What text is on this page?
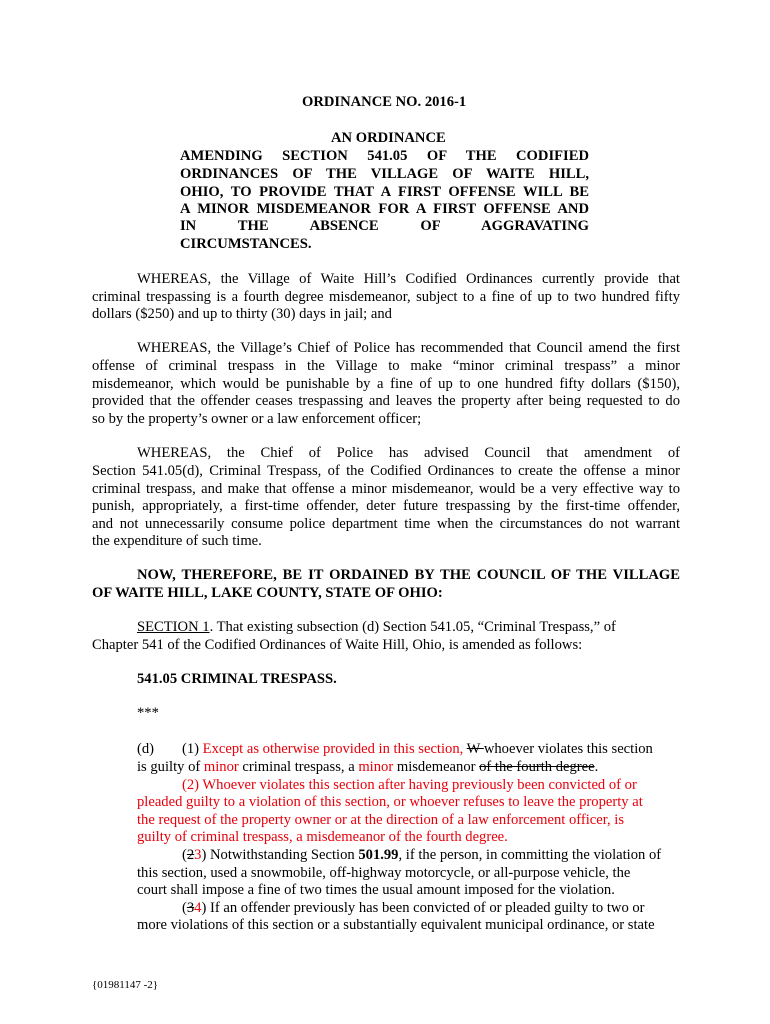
ORDINANCE NO. 2016-1

AN ORDINANCE

AMENDING SECTION 541.05 OF THE CODIFIED

ORDINANCES OF THE VILLAGE OF WAITE HILL,

OHIO, TO PROVIDE THAT A FIRST OFFENSE WILL BE

A MINOR MISDEMEANOR FOR A FIRST OFFENSE AND

IN THE ABSENCE OF AGGRAVATING

CIRCUMSTANCES.

WHEREAS, the Village of Waite Hill’s Codified Ordinances currently provide that

criminal trespassing is a fourth degree misdemeanor, subject to a fine of up to two hundred fifty

dollars ($250) and up to thirty (30) days in jail; and

WHEREAS, the Village’s Chief of Police has recommended that Council amend the first

offense of criminal trespass in the Village to make “minor criminal trespass” a minor

misdemeanor, which would be punishable by a fine of up to one hundred fifty dollars ($150),

provided that the offender ceases trespassing and leaves the property after being requested to do

so by the property’s owner or a law enforcement officer;

WHEREAS, the Chief of Police has advised Council that amendment of

Section 541.05(d), Criminal Trespass, of the Codified Ordinances to create the offense a minor

criminal trespass, and make that offense a minor misdemeanor, would be a very effective way to

punish, appropriately, a first-time offender, deter future trespassing by the first-time offender,

and not unnecessarily consume police department time when the circumstances do not warrant

the expenditure of such time.

NOW, THEREFORE, BE IT ORDAINED BY THE COUNCIL OF THE VILLAGE

OF WAITE HILL, LAKE COUNTY, STATE OF OHIO:

SECTION 1. That existing subsection (d) Section 541.05, “Criminal Trespass,” of

Chapter 541 of the Codified Ordinances of Waite Hill, Ohio, is amended as follows:

541.05 CRIMINAL TRESPASS.

***

(d) (1) Except as otherwise provided in this section, W whoever violates this section

is guilty of minor criminal trespass, a minor misdemeanor of the fourth degree.

(2) Whoever violates this section after having previously been convicted of or

pleaded guilty to a violation of this section, or whoever refuses to leave the property at

the request of the property owner or at the direction of a law enforcement officer, is

guilty of criminal trespass, a misdemeanor of the fourth degree.

(23) Notwithstanding Section 501.99, if the person, in committing the violation of

this section, used a snowmobile, off-highway motorcycle, or all-purpose vehicle, the

court shall impose a fine of two times the usual amount imposed for the violation.

(34) If an offender previously has been convicted of or pleaded guilty to two or

more violations of this section or a substantially equivalent municipal ordinance, or state

{01981147 -2}
